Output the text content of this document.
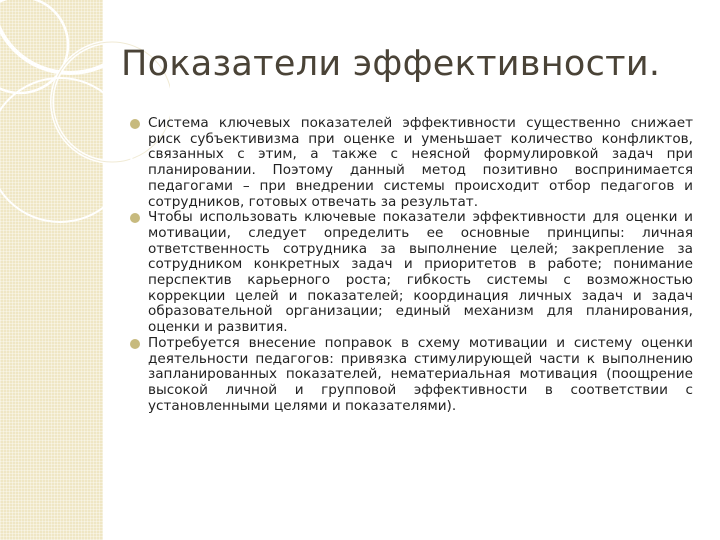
Показатели эффективности.
Система ключевых показателей эффективности существенно снижает риск субъективизма при оценке и уменьшает количество конфликтов, связанных с этим, а также с неясной формулировкой задач при планировании. Поэтому данный метод позитивно воспринимается педагогами – при внедрении системы происходит отбор педагогов и сотрудников, готовых отвечать за результат.
Чтобы использовать ключевые показатели эффективности для оценки и мотивации, следует определить ее основные принципы: личная ответственность сотрудника за выполнение целей; закрепление за сотрудником конкретных задач и приоритетов в работе; понимание перспектив карьерного роста; гибкость системы с возможностью коррекции целей и показателей; координация личных задач и задач образовательной организации; единый механизм для планирования, оценки и развития.
Потребуется внесение поправок в схему мотивации и систему оценки деятельности педагогов: привязка стимулирующей части к выполнению запланированных показателей, нематериальная мотивация (поощрение высокой личной и групповой эффективности в соответствии с установленными целями и показателями).
